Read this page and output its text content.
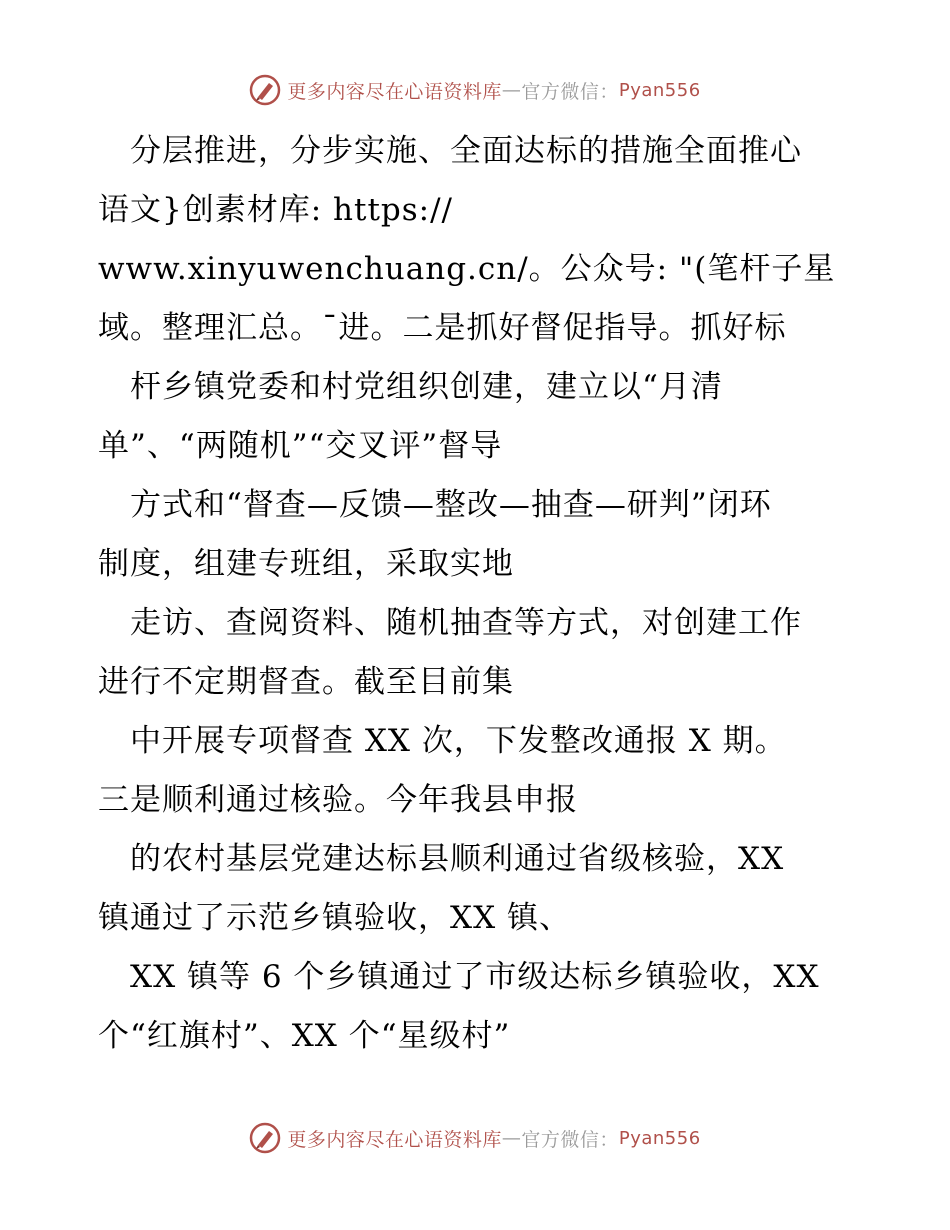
更多内容尽在心语资料库 — 官方微信： Pyan556
　分层推进，分步实施、全面达标的措施全面推心
语文}创素材库: https://
www.xinyuwenchuang.cn/。公众号: "(笔杆子星
域。整理汇总。¯进。二是抓好督促指导。抓好标
　杆乡镇党委和村党组织创建，建立以“月清
单”、“两随机”“交叉评”督导
　方式和“督查—反馈—整改—抽查—研判”闭环
制度，组建专班组，采取实地
　走访、查阅资料、随机抽查等方式，对创建工作
进行不定期督查。截至目前集
　中开展专项督查 XX 次，下发整改通报 X 期。
三是顺利通过核验。今年我县申报
　的农村基层党建达标县顺利通过省级核验，XX
镇通过了示范乡镇验收，XX 镇、
　XX 镇等 6 个乡镇通过了市级达标乡镇验收，XX
个“红旗村”、XX 个“星级村”
更多内容尽在心语资料库 — 官方微信： Pyan556
